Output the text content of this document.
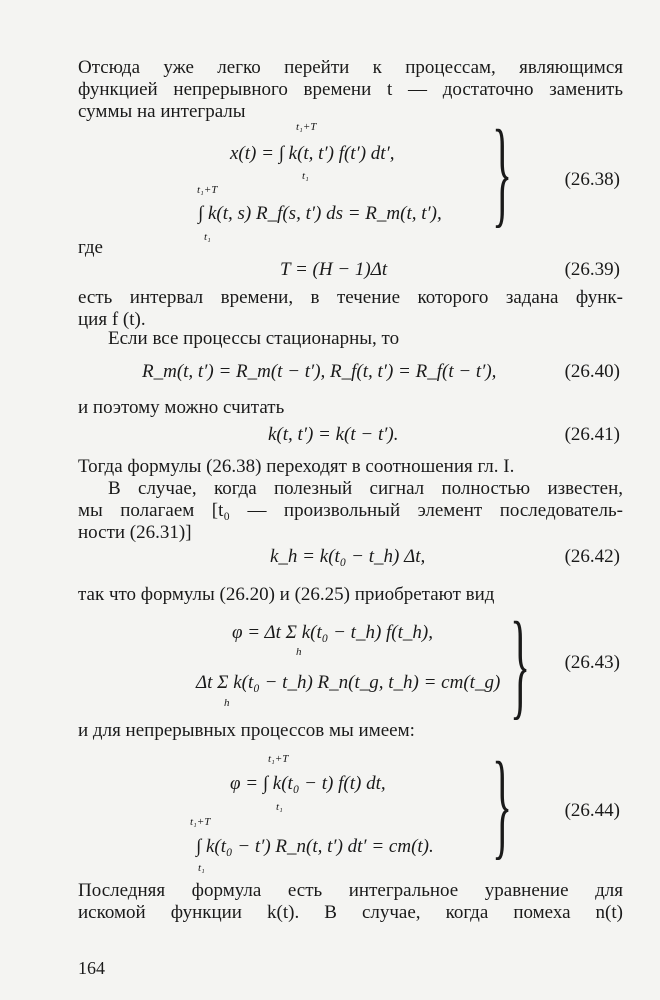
Отсюда уже легко перейти к процессам, являющимся
функцией непрерывного времени t — достаточно заменить
суммы на интегралы
t₁+T
t₁
x(t) = ∫ k(t, t′) f(t′) dt′,
t₁+T
t₁
∫ k(t, s) R_f(s, t′) ds = R_m(t, t′), }	(26.38)
где
T = (H − 1)Δt	(26.39)
есть интервал времени, в течение которого задана функ-
ция f (t).
Если все процессы стационарны, то
R_m(t, t′) = R_m(t − t′), R_f(t, t′) = R_f(t − t′),	(26.40)
и поэтому можно считать
k(t, t′) = k(t − t′).	(26.41)
Тогда формулы (26.38) переходят в соотношения гл. I.
В случае, когда полезный сигнал полностью известен,
мы полагаем [t₀ — произвольный элемент последователь-
ности (26.31)]
k_h = k(t₀ − t_h) Δt,	(26.42)
так что формулы (26.20) и (26.25) приобретают вид
φ = Δt Σ k(t₀ − t_h) f(t_h),
h
Δt Σ k(t₀ − t_h) R_n(t_g, t_h) = cm(t_g)
h } (26.43)
и для непрерывных процессов мы имеем:
t₁+T
t₁
φ = ∫ k(t₀ − t) f(t) dt,
t₁+T
t₁
∫ k(t₀ − t′) R_n(t, t′) dt′ = cm(t). }	(26.44)
Последняя формула есть интегральное уравнение для
искомой функции k(t). В случае, когда помеха n(t)
164
